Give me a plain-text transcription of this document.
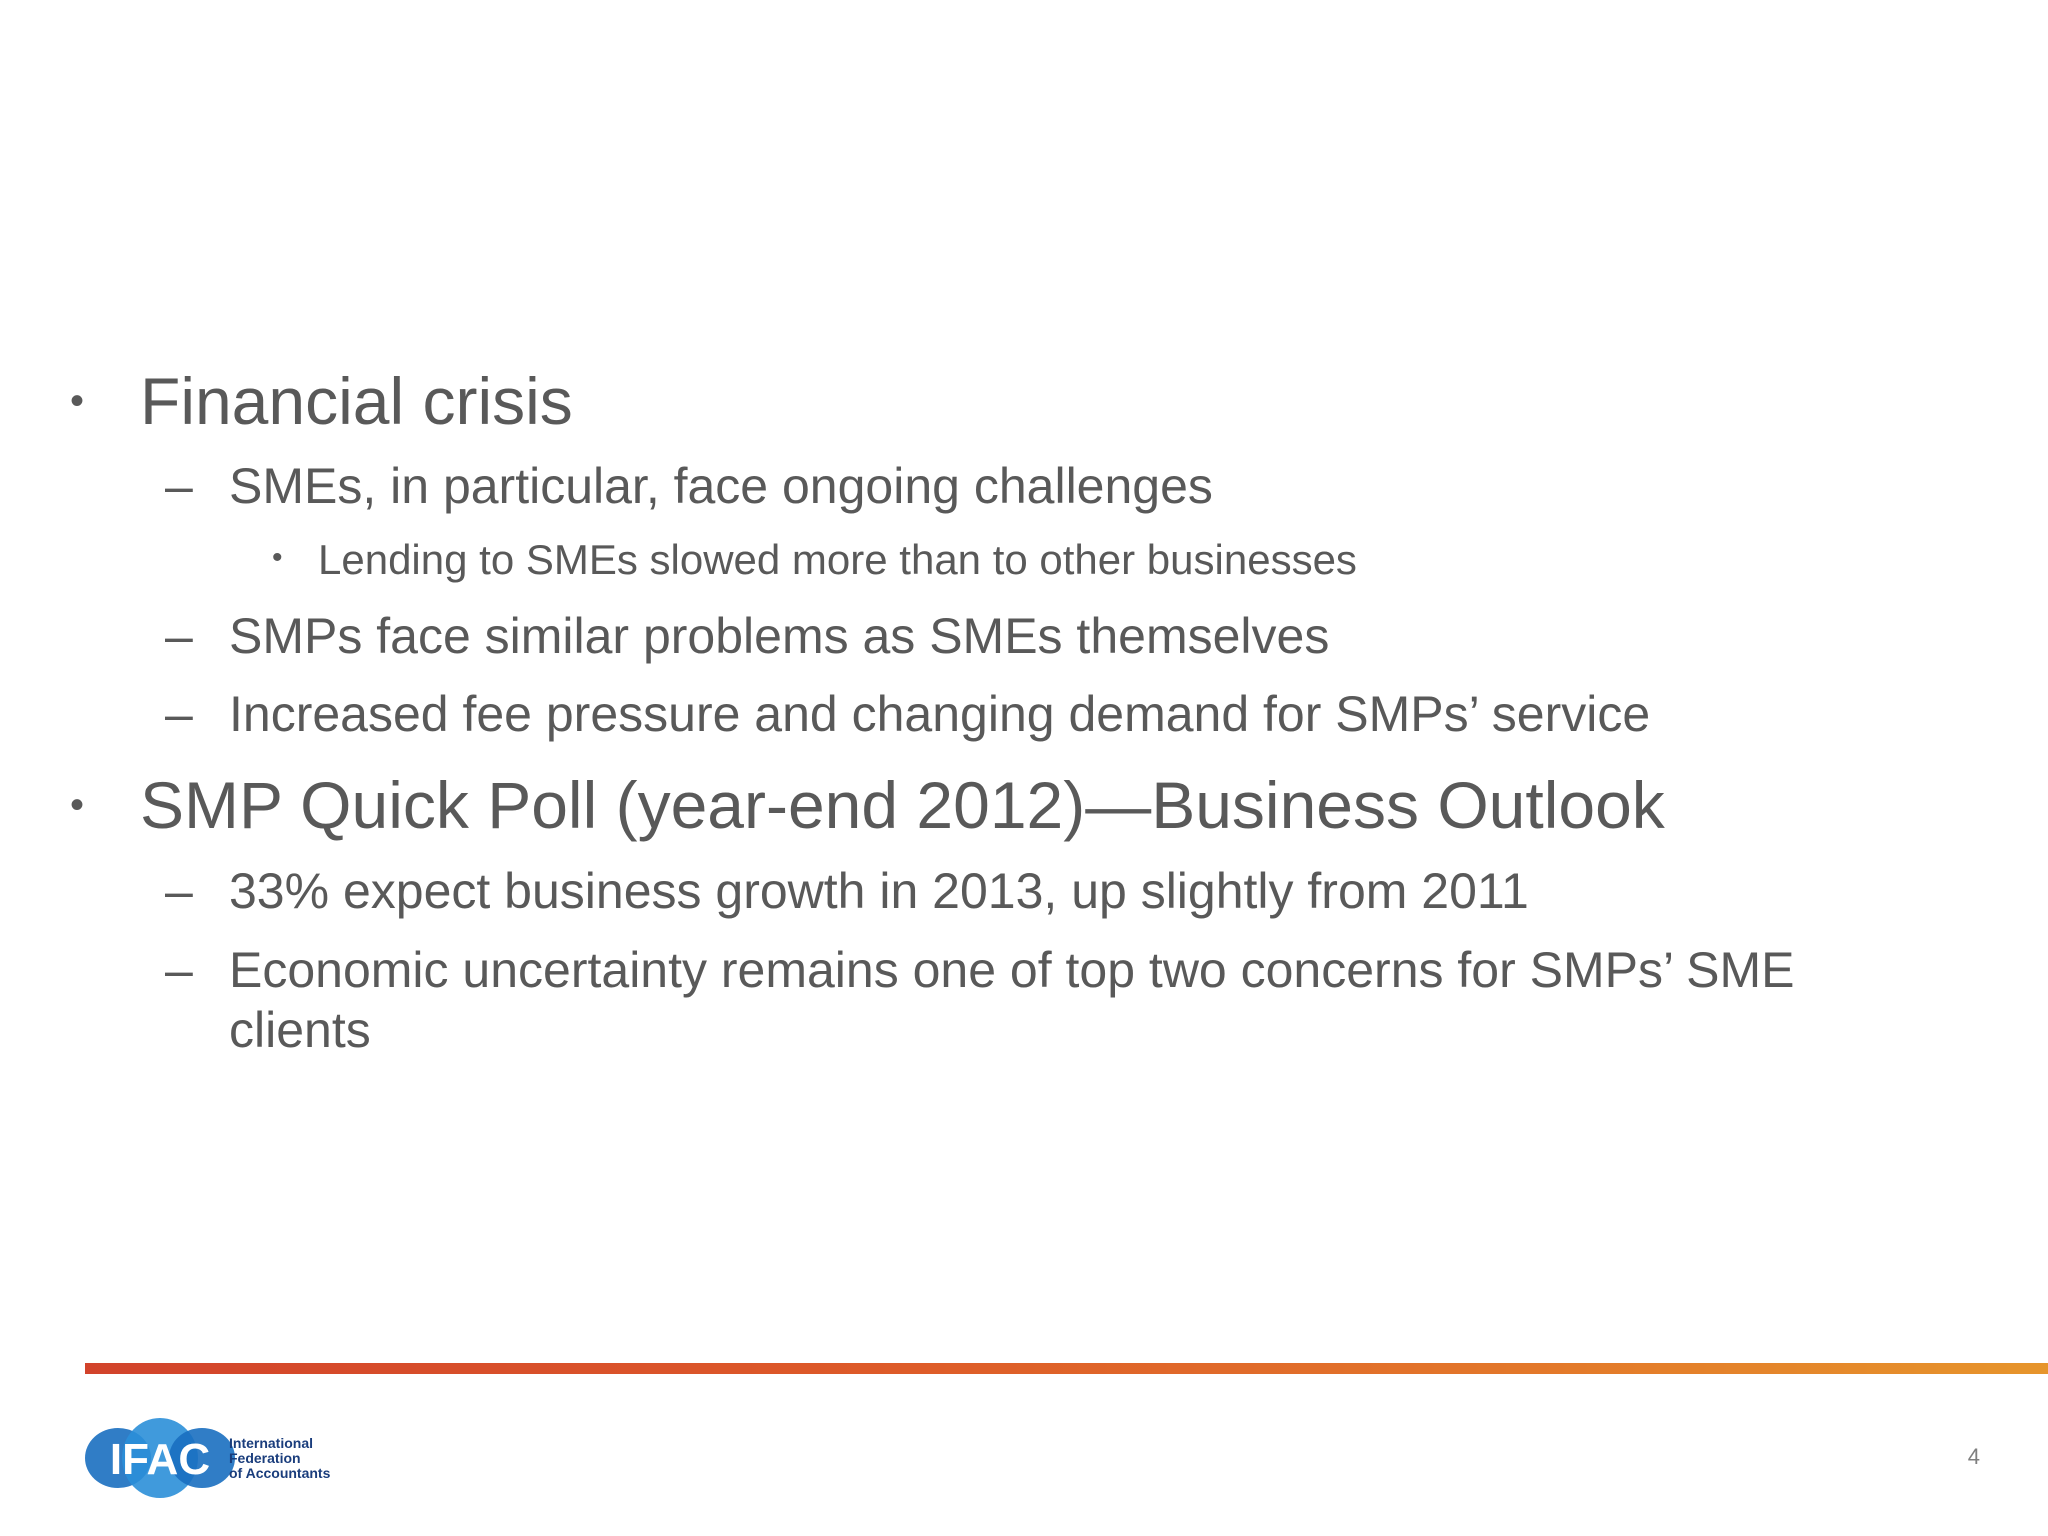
• Financial crisis
– SMEs, in particular, face ongoing challenges
• Lending to SMEs slowed more than to other businesses
– SMPs face similar problems as SMEs themselves
– Increased fee pressure and changing demand for SMPs’ service
• SMP Quick Poll (year-end 2012)—Business Outlook
– 33% expect business growth in 2013, up slightly from 2011
– Economic uncertainty remains one of top two concerns for SMPs’ SME
clients
IFAC International
Federation
of Accountants
4
